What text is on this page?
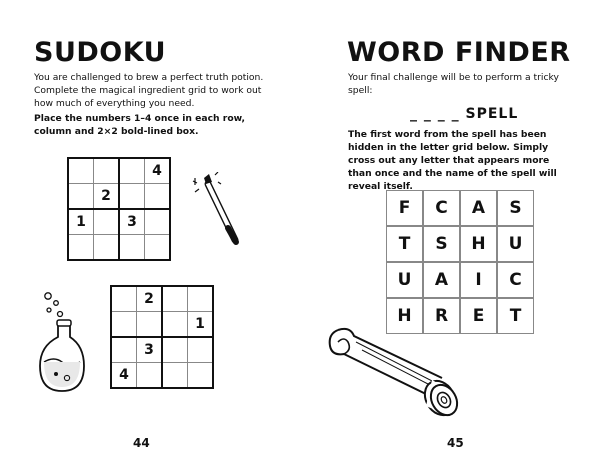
SUDOKU

You are challenged to brew a perfect truth potion. Complete the magical ingredient grid to work out how much of everything you need.

Place the numbers 1–4 once in each row, column and 2×2 bold-lined box.

			4
	2		
1		3	

	2		
			1
	3		
4			
44
WORD FINDER

Your final challenge will be to perform a tricky spell:

_ _ _ _ SPELL

The first word from the spell has been hidden in the letter grid below. Simply cross out any letter that appears more than once and the name of the spell will reveal itself.

F	C	A	S
T	S	H	U
U	A	I	C
H	R	E	T
45
